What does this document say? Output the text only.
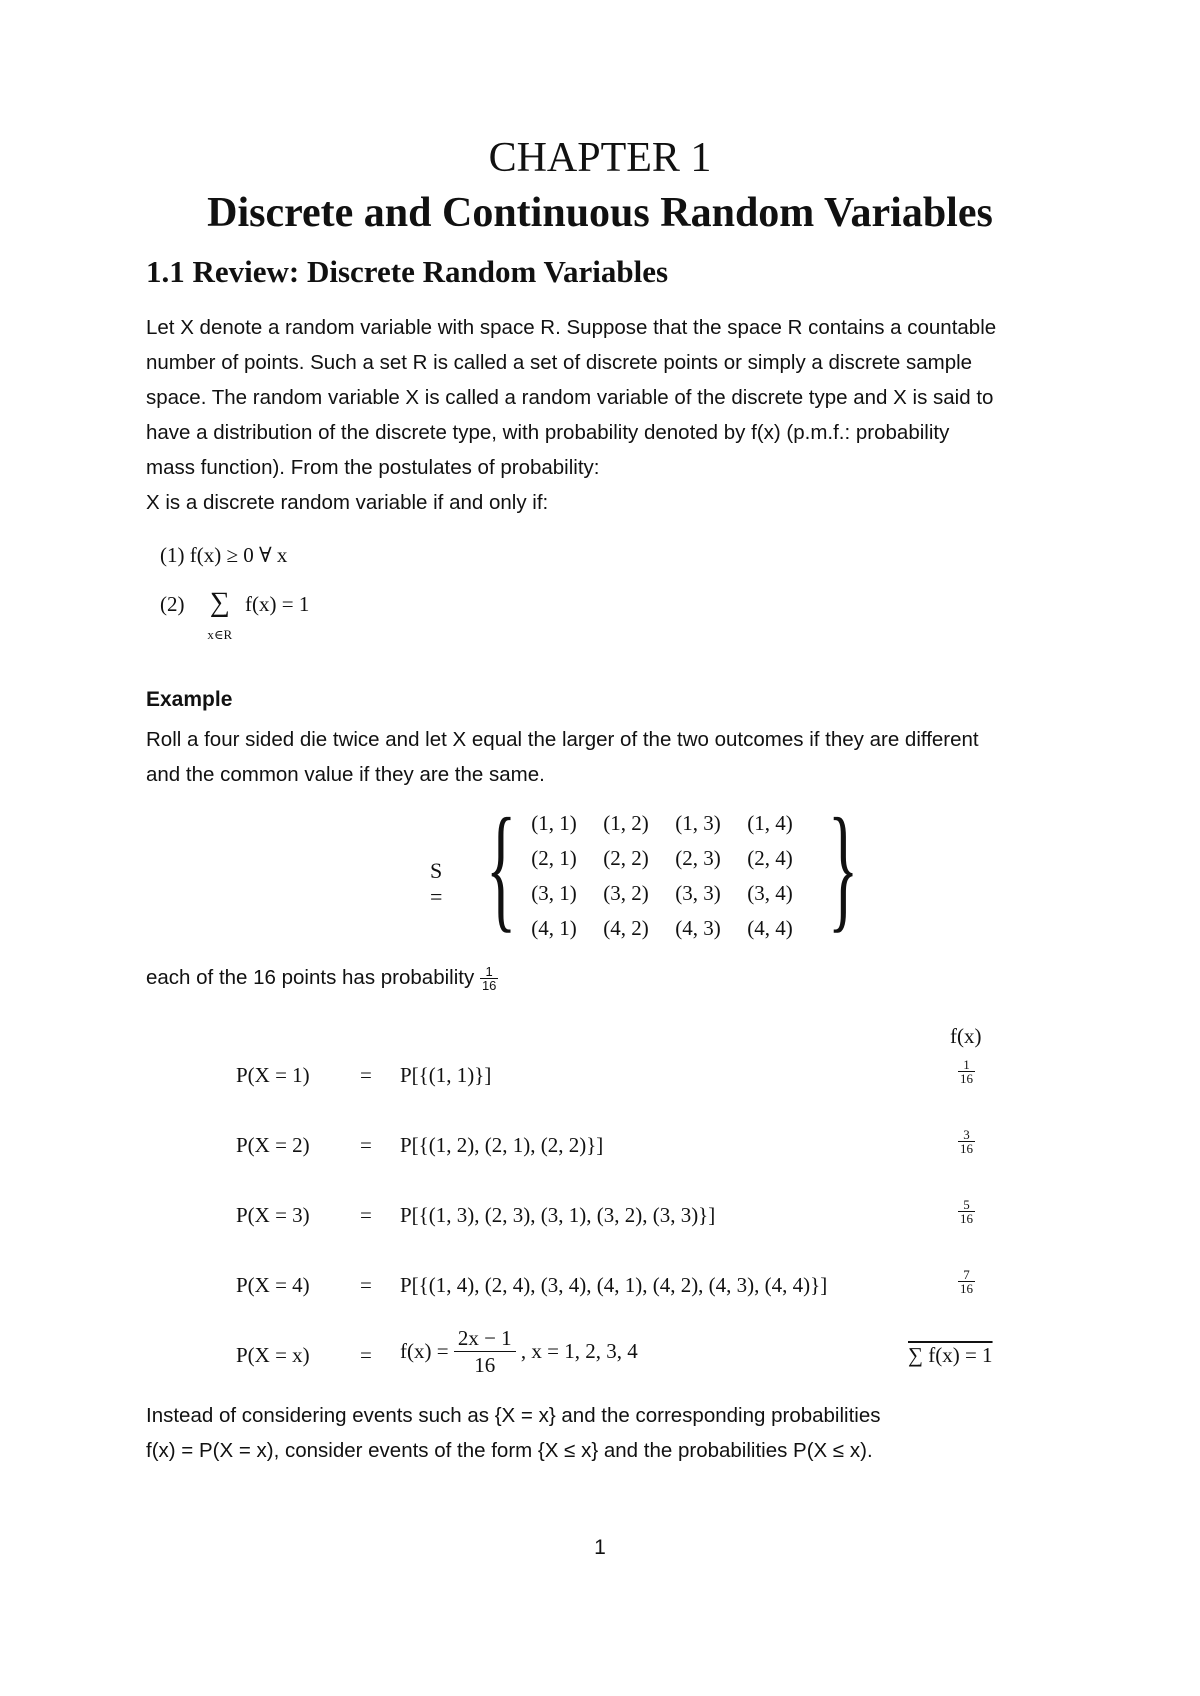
CHAPTER 1
Discrete and Continuous Random Variables
1.1 Review: Discrete Random Variables

Let X denote a random variable with space R. Suppose that the space R contains a countable

number of points. Such a set R is called a set of discrete points or simply a discrete sample

space. The random variable X is called a random variable of the discrete type and X is said to

have a distribution of the discrete type, with probability denoted by f(x) (p.m.f.: probability

mass function). From the postulates of probability:

X is a discrete random variable if and only if:

(1) f(x) ≥ 0 ∀ x
(2) ∑
x∈R
f(x) = 1
Example

Roll a four sided die twice and let X equal the larger of the two outcomes if they are different

and the common value if they are the same.

S = { (1, 1) (1, 2) (1, 3) (1, 4)
(2, 1) (2, 2) (2, 3) (2, 4)
(3, 1) (3, 2) (3, 3) (3, 4)
(4, 1) (4, 2) (4, 3) (4, 4) }
each of the 16 points has probability $\frac{1}{16}$
f(x)
P(X = 1) = P[{(1, 1)}]	$\frac{1}{16}$
P(X = 2) = P[{(1, 2), (2, 1), (2, 2)}]	$\frac{3}{16}$
P(X = 3) = P[{(1, 3), (2, 3), (3, 1), (3, 2), (3, 3)}]	$\frac{5}{16}$
P(X = 4) = P[{(1, 4), (2, 4), (3, 4), (4, 1), (4, 2), (4, 3), (4, 4)}]	$\frac{7}{16}$
$P(X = x) = f(x) = \frac{2x - 1}{16}$ , x = 1, 2, 3, 4	∑ f(x) = 1

Instead of considering events such as {X = x} and the corresponding probabilities

f(x) = P(X = x), consider events of the form {X ≤ x} and the probabilities P(X ≤ x).

1
